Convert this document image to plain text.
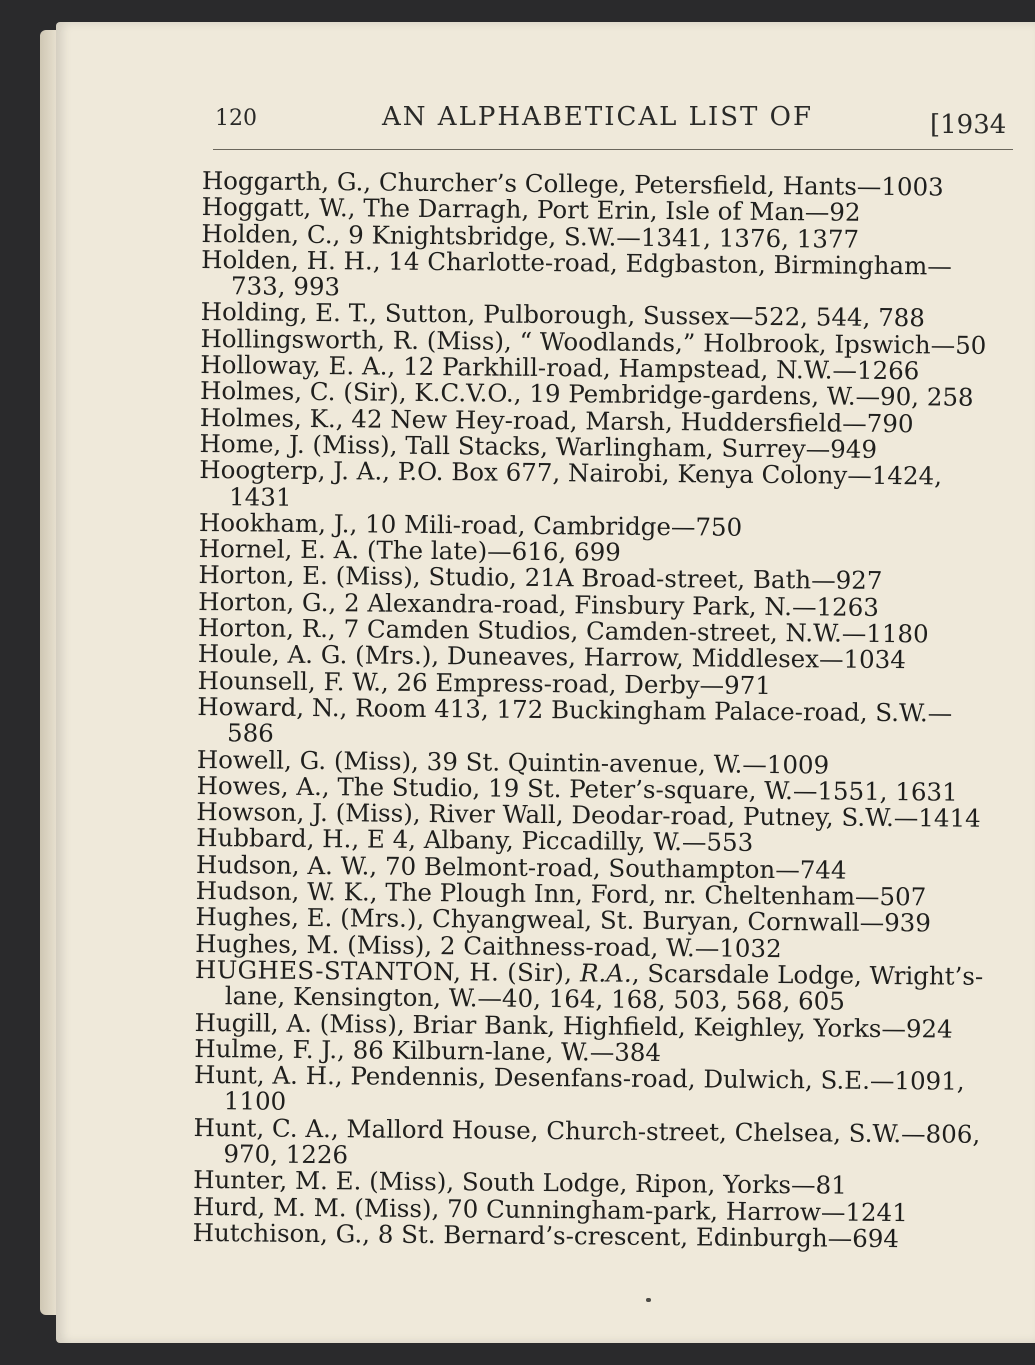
120	AN ALPHABETICAL LIST OF	[1934
Hoggarth, G., Churcher’s College, Petersfield, Hants—1003
Hoggatt, W., The Darragh, Port Erin, Isle of Man—92
Holden, C., 9 Knightsbridge, S.W.—1341, 1376, 1377
Holden, H. H., 14 Charlotte-road, Edgbaston, Birmingham—733, 993
Holding, E. T., Sutton, Pulborough, Sussex—522, 544, 788
Hollingsworth, R. (Miss), “ Woodlands,” Holbrook, Ipswich—50
Holloway, E. A., 12 Parkhill-road, Hampstead, N.W.—1266
Holmes, C. (Sir), K.C.V.O., 19 Pembridge-gardens, W.—90, 258
Holmes, K., 42 New Hey-road, Marsh, Huddersfield—790
Home, J. (Miss), Tall Stacks, Warlingham, Surrey—949
Hoogterp, J. A., P.O. Box 677, Nairobi, Kenya Colony—1424, 1431
Hookham, J., 10 Mili-road, Cambridge—750
Hornel, E. A. (The late)—616, 699
Horton, E. (Miss), Studio, 21A Broad-street, Bath—927
Horton, G., 2 Alexandra-road, Finsbury Park, N.—1263
Horton, R., 7 Camden Studios, Camden-street, N.W.—1180
Houle, A. G. (Mrs.), Duneaves, Harrow, Middlesex—1034
Hounsell, F. W., 26 Empress-road, Derby—971
Howard, N., Room 413, 172 Buckingham Palace-road, S.W.—586
Howell, G. (Miss), 39 St. Quintin-avenue, W.—1009
Howes, A., The Studio, 19 St. Peter’s-square, W.—1551, 1631
Howson, J. (Miss), River Wall, Deodar-road, Putney, S.W.—1414
Hubbard, H., E 4, Albany, Piccadilly, W.—553
Hudson, A. W., 70 Belmont-road, Southampton—744
Hudson, W. K., The Plough Inn, Ford, nr. Cheltenham—507
Hughes, E. (Mrs.), Chyangweal, St. Buryan, Cornwall—939
Hughes, M. (Miss), 2 Caithness-road, W.—1032
HUGHES-STANTON, H. (Sir), R.A., Scarsdale Lodge, Wright’s-lane, Kensington, W.—40, 164, 168, 503, 568, 605
Hugill, A. (Miss), Briar Bank, Highfield, Keighley, Yorks—924
Hulme, F. J., 86 Kilburn-lane, W.—384
Hunt, A. H., Pendennis, Desenfans-road, Dulwich, S.E.—1091, 1100
Hunt, C. A., Mallord House, Church-street, Chelsea, S.W.—806, 970, 1226
Hunter, M. E. (Miss), South Lodge, Ripon, Yorks—81
Hurd, M. M. (Miss), 70 Cunningham-park, Harrow—1241
Hutchison, G., 8 St. Bernard’s-crescent, Edinburgh—694
